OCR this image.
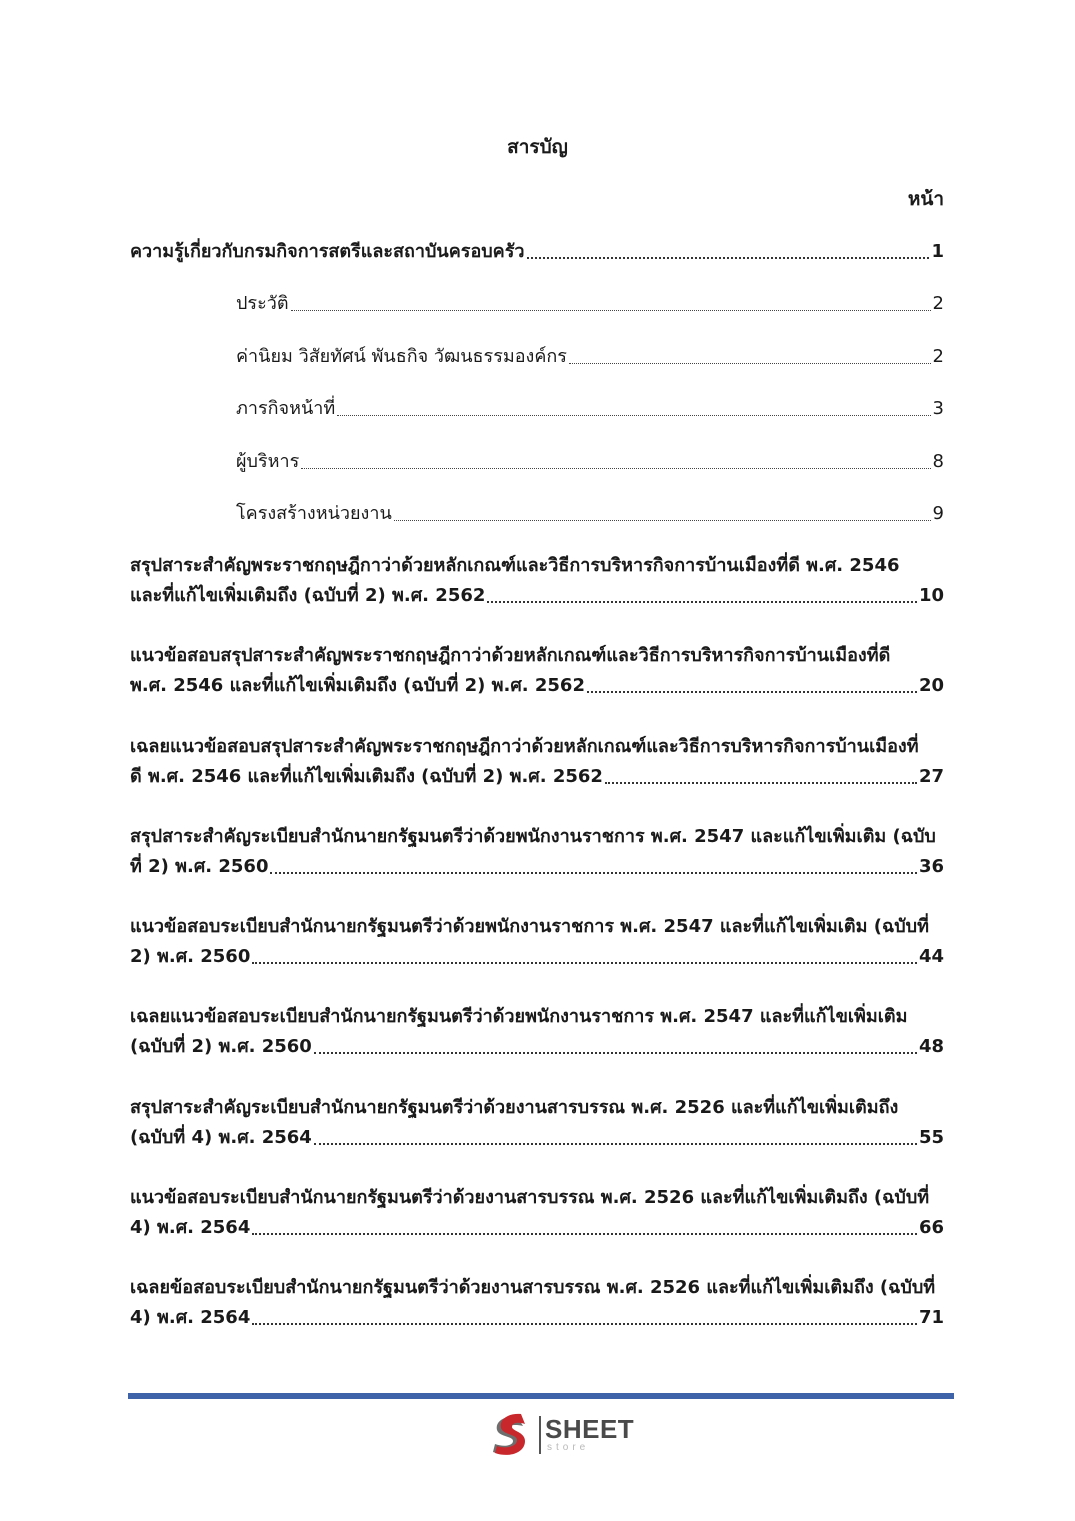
สารบัญ
หน้า
ความรู้เกี่ยวกับกรมกิจการสตรีและสถาบันครอบครัว	1
ประวัติ	2
ค่านิยม วิสัยทัศน์ พันธกิจ วัฒนธรรมองค์กร	2
ภารกิจหน้าที่	3
ผู้บริหาร	8
โครงสร้างหน่วยงาน	9
สรุปสาระสำคัญพระราชกฤษฎีกาว่าด้วยหลักเกณฑ์และวิธีการบริหารกิจการบ้านเมืองที่ดี พ.ศ. 2546
และที่แก้ไขเพิ่มเติมถึง (ฉบับที่ 2) พ.ศ. 2562	10
แนวข้อสอบสรุปสาระสำคัญพระราชกฤษฎีกาว่าด้วยหลักเกณฑ์และวิธีการบริหารกิจการบ้านเมืองที่ดี
พ.ศ. 2546 และที่แก้ไขเพิ่มเติมถึง (ฉบับที่ 2) พ.ศ. 2562	20
เฉลยแนวข้อสอบสรุปสาระสำคัญพระราชกฤษฎีกาว่าด้วยหลักเกณฑ์และวิธีการบริหารกิจการบ้านเมืองที่
ดี พ.ศ. 2546 และที่แก้ไขเพิ่มเติมถึง (ฉบับที่ 2) พ.ศ. 2562	27
สรุปสาระสำคัญระเบียบสำนักนายกรัฐมนตรีว่าด้วยพนักงานราชการ พ.ศ. 2547 และแก้ไขเพิ่มเติม (ฉบับ
ที่ 2) พ.ศ. 2560	36
แนวข้อสอบระเบียบสำนักนายกรัฐมนตรีว่าด้วยพนักงานราชการ พ.ศ. 2547 และที่แก้ไขเพิ่มเติม (ฉบับที่
2) พ.ศ. 2560	44
เฉลยแนวข้อสอบระเบียบสำนักนายกรัฐมนตรีว่าด้วยพนักงานราชการ พ.ศ. 2547 และที่แก้ไขเพิ่มเติม
(ฉบับที่ 2) พ.ศ. 2560	48
สรุปสาระสำคัญระเบียบสำนักนายกรัฐมนตรีว่าด้วยงานสารบรรณ พ.ศ. 2526 และที่แก้ไขเพิ่มเติมถึง
(ฉบับที่ 4) พ.ศ. 2564	55
แนวข้อสอบระเบียบสำนักนายกรัฐมนตรีว่าด้วยงานสารบรรณ พ.ศ. 2526 และที่แก้ไขเพิ่มเติมถึง (ฉบับที่
4) พ.ศ. 2564	66
เฉลยข้อสอบระเบียบสำนักนายกรัฐมนตรีว่าด้วยงานสารบรรณ พ.ศ. 2526 และที่แก้ไขเพิ่มเติมถึง (ฉบับที่
4) พ.ศ. 2564	71
SHEET
store
